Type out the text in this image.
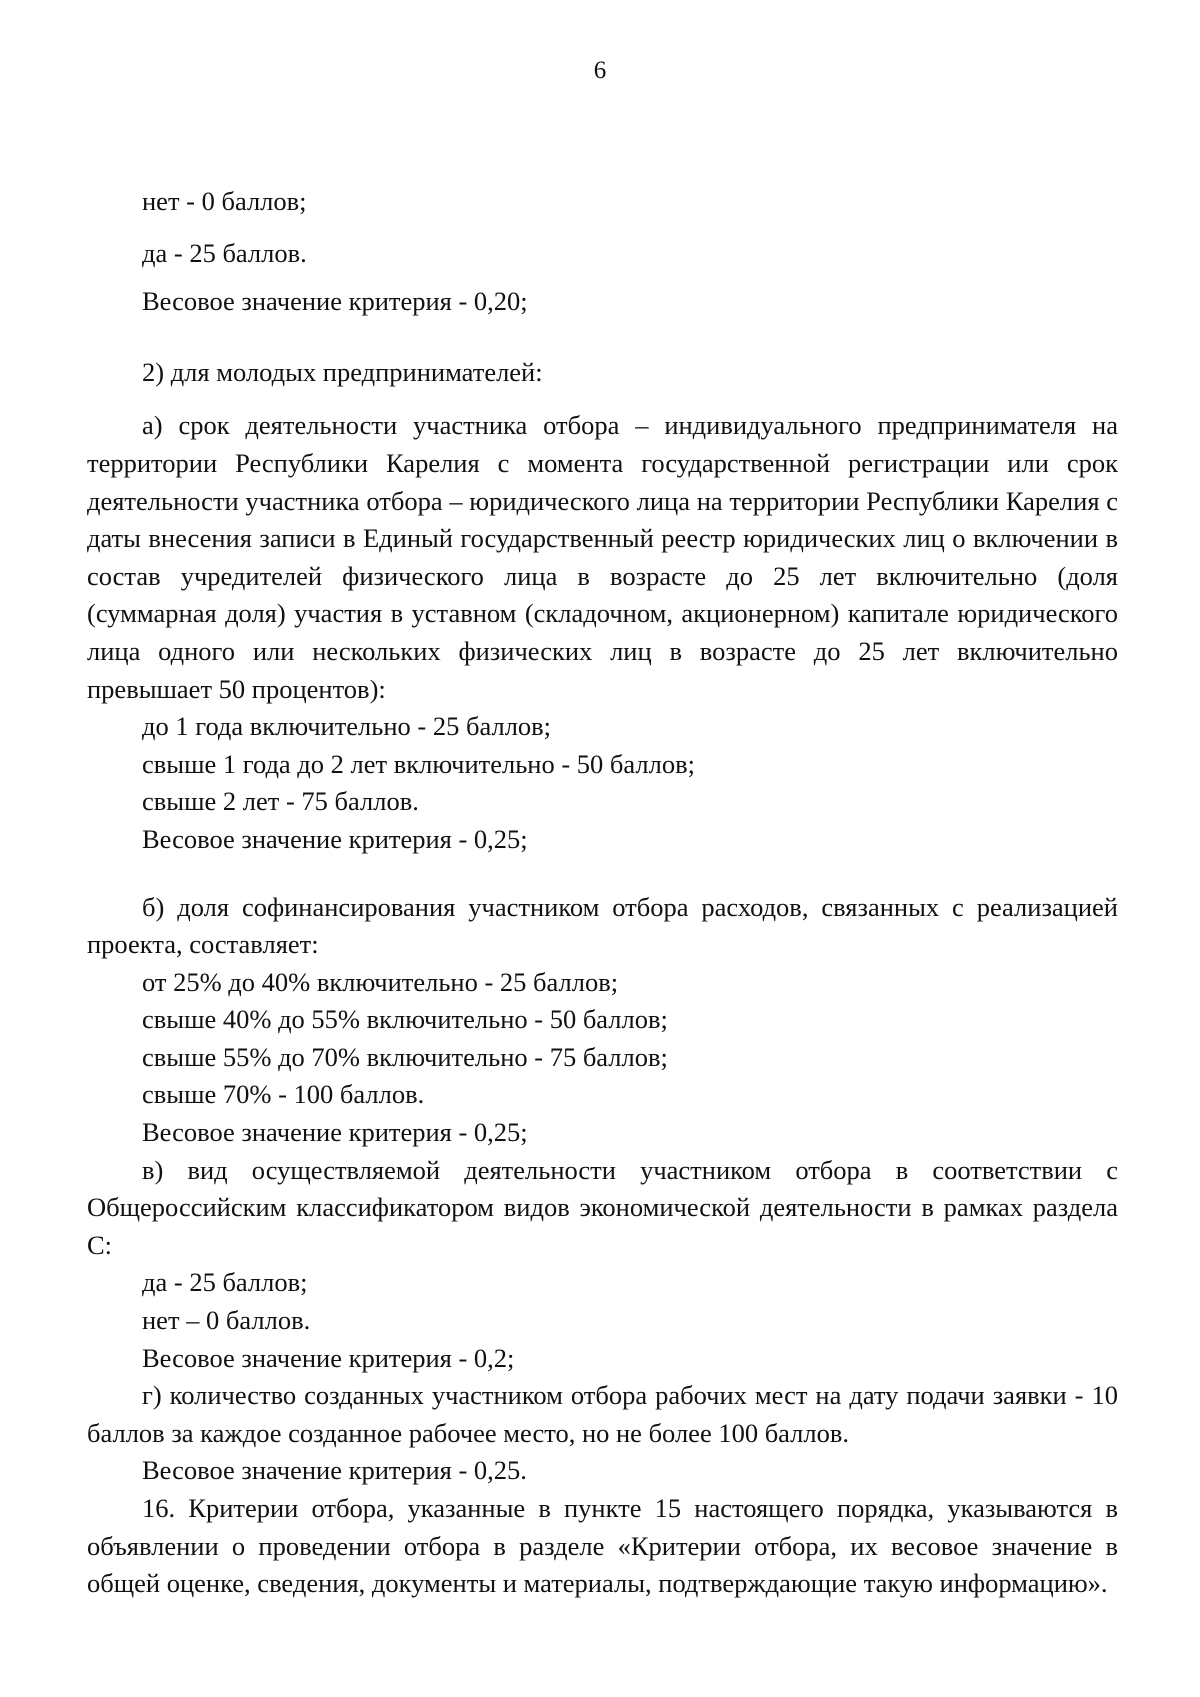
6
нет - 0 баллов;
да - 25 баллов.
Весовое значение критерия - 0,20;
2) для молодых предпринимателей:

а) срок деятельности участника отбора – индивидуального предпринимателя на территории Республики Карелия с момента государственной регистрации или срок деятельности участника отбора – юридического лица на территории Республики Карелия с даты внесения записи в Единый государственный реестр юридических лиц о включении в состав учредителей физического лица в возрасте до 25 лет включительно (доля (суммарная доля) участия в уставном (складочном, акционерном) капитале юридического лица одного или нескольких физических лиц в возрасте до 25 лет включительно превышает 50 процентов):

до 1 года включительно - 25 баллов;
свыше 1 года до 2 лет включительно - 50 баллов;
свыше 2 лет - 75 баллов.
Весовое значение критерия - 0,25;

б) доля софинансирования участником отбора расходов, связанных с реализацией проекта, составляет:

от 25% до 40% включительно - 25 баллов;
свыше 40% до 55% включительно - 50 баллов;
свыше 55% до 70% включительно - 75 баллов;
свыше 70% - 100 баллов.
Весовое значение критерия - 0,25;

в) вид осуществляемой деятельности участником отбора в соответствии с Общероссийским классификатором видов экономической деятельности в рамках раздела С:

да - 25 баллов;
нет – 0 баллов.
Весовое значение критерия - 0,2;

г) количество созданных участником отбора рабочих мест на дату подачи заявки - 10 баллов за каждое созданное рабочее место, но не более 100 баллов.

Весовое значение критерия - 0,25.

16. Критерии отбора, указанные в пункте 15 настоящего порядка, указываются в объявлении о проведении отбора в разделе «Критерии отбора, их весовое значение в общей оценке, сведения, документы и материалы, подтверждающие такую информацию».
